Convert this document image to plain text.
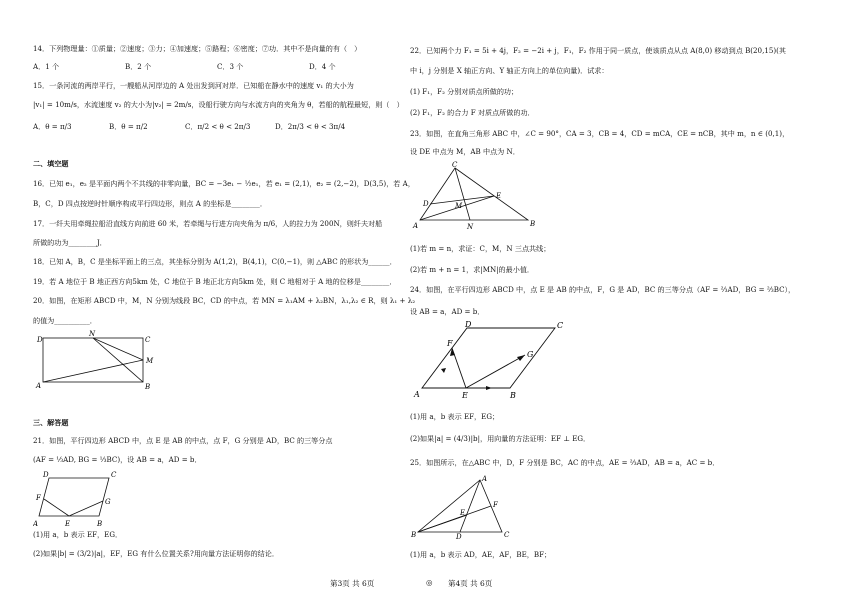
14．下列物理量：①质量；②速度；③力；④加速度；⑤路程；⑥密度；⑦功．其中不是向量的有（　）
A．1 个	B．2 个	C．3 个	D．4 个
15．一条河流的两岸平行，一艘船从河岸边的 A 处出发到河对岸．已知船在静水中的速度 v₁ 的大小为
|v₁| = 10m/s，水流速度 v₂ 的大小为|v₂| = 2m/s，设船行驶方向与水流方向的夹角为 θ，若船的航程最短，则（　）
A．θ = π/3	B．θ = π/2	C．π/2 < θ < 2π/3	D．2π/3 < θ < 3π/4
二、填空题
16．已知 e₁，e₂ 是平面内两个不共线的非零向量，BC = −3e₁ − ½e₁，若 e₁ = (2,1)，e₂ = (2,−2)，D(3,5)，若 A，
B，C，D 四点按逆时针顺序构成平行四边形，则点 A 的坐标是________．
17．一纤夫用牵绳拉船沿直线方向前进 60 米，若牵绳与行进方向夹角为 π/6，人的拉力为 200N，则纤夫对船
所做的功为________J．
18．已知 A，B，C 是坐标平面上的三点，其坐标分别为 A(1,2)，B(4,1)，C(0,−1)，则 △ABC 的形状为______．
19．若 A 地位于 B 地正西方向5km 处，C 地位于 B 地正北方向5km 处，则 C 地相对于 A 地的位移是________．
20．如图，在矩形 ABCD 中，M，N 分别为线段 BC，CD 的中点，若 MN = λ₁AM + λ₂BN，λ₁,λ₂ ∈ R，则 λ₁ + λ₂
的值为__________．
D
N
C
M
A	B
三、解答题
21．如图，平行四边形 ABCD 中，点 E 是 AB 的中点，点 F，G 分别是 AD，BC 的三等分点
(AF = ⅓AD, BG = ⅓BC)，设 AB = a，AD = b．
A	E	B
F	G
D	C
(1)用 a，b 表示 EF，EG．
(2)如果|b| = (3/2)|a|，EF，EG 有什么位置关系?用向量方法证明你的结论．
22．已知两个力 F₁ = 5i + 4j，F₂ = −2i + j，F₁，F₂ 作用于同一质点，使该质点从点 A(8,0) 移动到点 B(20,15)(其
中 i，j 分别是 X 轴正方向、Y 轴正方向上的单位向量)．试求：
(1) F₁，F₂ 分别对质点所做的功；
(2) F₁，F₂ 的合力 F 对质点所做的功．
23．如图，在直角三角形 ABC 中，∠C = 90°，CA = 3，CB = 4，CD = mCA，CE = nCB，其中 m，n ∈ (0,1)，
设 DE 中点为 M，AB 中点为 N．
C
D
E
M
A	N	B
(1)若 m = n，求证：C，M，N 三点共线；
(2)若 m + n = 1，求|MN|的最小值．
24．如图，在平行四边形 ABCD 中，点 E 是 AB 的中点，F，G 是 AD，BC 的三等分点（AF = ⅔AD，BG = ⅔BC），
设 AB = a，AD = b．
A	E	B
F
G
D	C
(1)用 a，b 表示 EF，EG；
(2)如果|a| = (4/3)|b|，用向量的方法证明：EF ⊥ EG．
25．如图所示，在△ABC 中，D，F 分别是 BC，AC 的中点，AE = ⅔AD，AB = a，AC = b．
A
F
E
B	D	C
(1)用 a，b 表示 AD，AE，AF，BE，BF；
第3页 共 6页	◎ 第4页 共 6页
